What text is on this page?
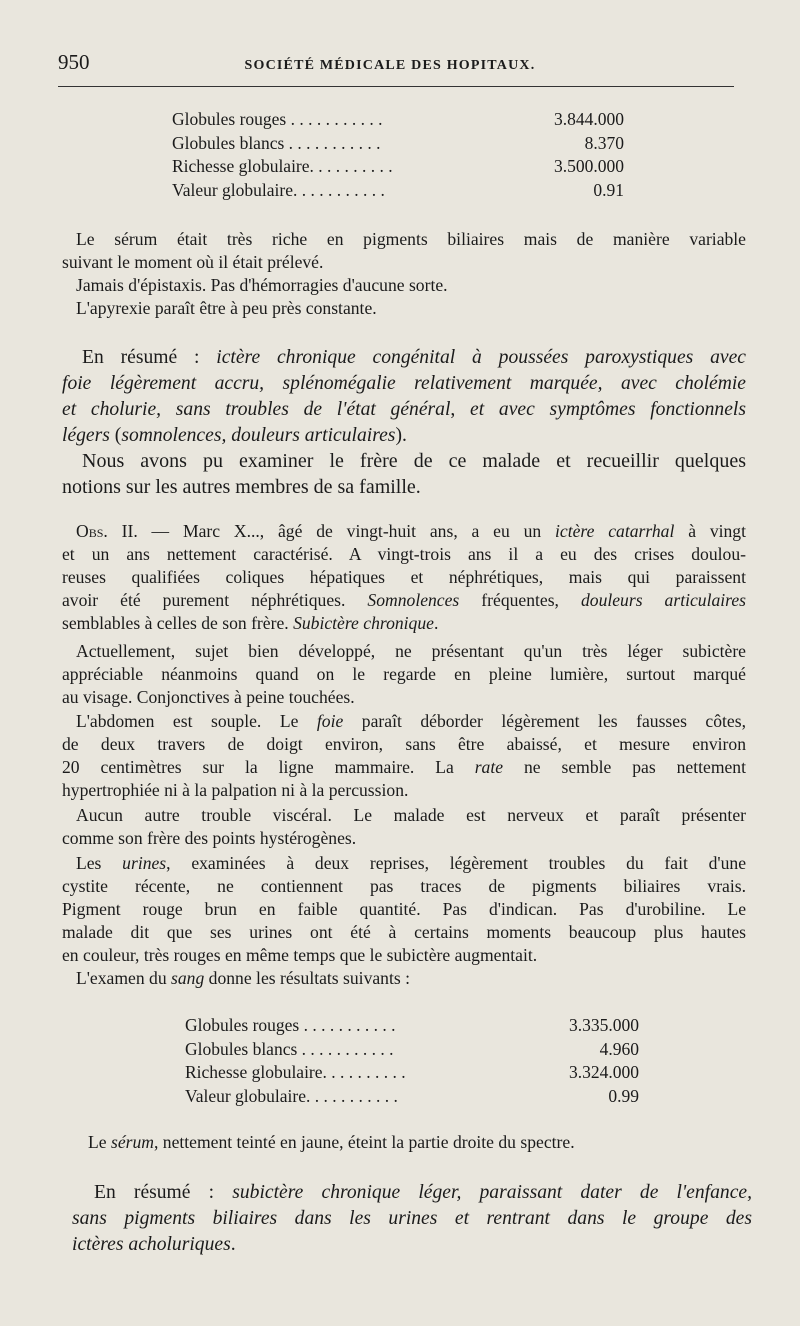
950	SOCIÉTÉ MÉDICALE DES HOPITAUX.
Globules rouges . . . . . . . . . . .	3.844.000
Globules blancs . . . . . . . . . . .	8.370
Richesse globulaire. . . . . . . . . .	3.500.000
Valeur globulaire. . . . . . . . . . .	0.91
Le sérum était très riche en pigments biliaires mais de manière variable
suivant le moment où il était prélevé.
Jamais d'épistaxis. Pas d'hémorragies d'aucune sorte.
L'apyrexie paraît être à peu près constante.
En résumé : ictère chronique congénital à poussées paroxystiques avec
foie légèrement accru, splénomégalie relativement marquée, avec cholémie
et cholurie, sans troubles de l'état général, et avec symptômes fonctionnels
légers (somnolences, douleurs articulaires).
Nous avons pu examiner le frère de ce malade et recueillir quelques
notions sur les autres membres de sa famille.
Obs. II. — Marc X..., âgé de vingt-huit ans, a eu un ictère catarrhal à vingt
et un ans nettement caractérisé. A vingt-trois ans il a eu des crises doulou-
reuses qualifiées coliques hépatiques et néphrétiques, mais qui paraissent
avoir été purement néphrétiques. Somnolences fréquentes, douleurs articulaires
semblables à celles de son frère. Subictère chronique.
Actuellement, sujet bien développé, ne présentant qu'un très léger subictère
appréciable néanmoins quand on le regarde en pleine lumière, surtout marqué
au visage. Conjonctives à peine touchées.
L'abdomen est souple. Le foie paraît déborder légèrement les fausses côtes,
de deux travers de doigt environ, sans être abaissé, et mesure environ
20 centimètres sur la ligne mammaire. La rate ne semble pas nettement
hypertrophiée ni à la palpation ni à la percussion.
Aucun autre trouble viscéral. Le malade est nerveux et paraît présenter
comme son frère des points hystérogènes.
Les urines, examinées à deux reprises, légèrement troubles du fait d'une
cystite récente, ne contiennent pas traces de pigments biliaires vrais.
Pigment rouge brun en faible quantité. Pas d'indican. Pas d'urobiline. Le
malade dit que ses urines ont été à certains moments beaucoup plus hautes
en couleur, très rouges en même temps que le subictère augmentait.
L'examen du sang donne les résultats suivants :
Globules rouges . . . . . . . . . . .	3.335.000
Globules blancs . . . . . . . . . . .	4.960
Richesse globulaire. . . . . . . . . .	3.324.000
Valeur globulaire. . . . . . . . . . .	0.99
Le sérum, nettement teinté en jaune, éteint la partie droite du spectre.
En résumé : subictère chronique léger, paraissant dater de l'enfance,
sans pigments biliaires dans les urines et rentrant dans le groupe des
ictères acholuriques.
